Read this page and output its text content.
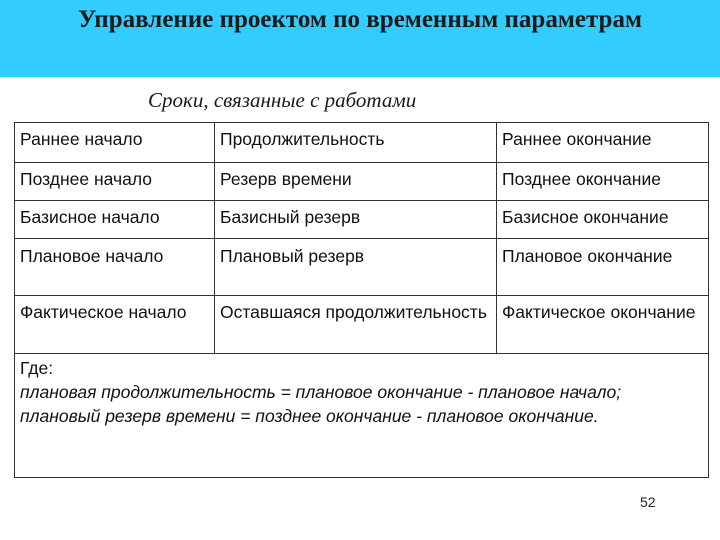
Управление проектом по временным параметрам
Сроки, связанные с работами
Раннее начало	Продолжительность	Раннее окончание
Позднее начало	Резерв времени	Позднее окончание
Базисное начало	Базисный резерв	Базисное окончание
Плановое начало	Плановый резерв	Плановое окончание
Фактическое начало	Оставшаяся продолжительность	Фактическое окончание
Где:
плановая продолжительность = плановое окончание - плановое начало;
плановый резерв времени = позднее окончание - плановое окончание.		
52
